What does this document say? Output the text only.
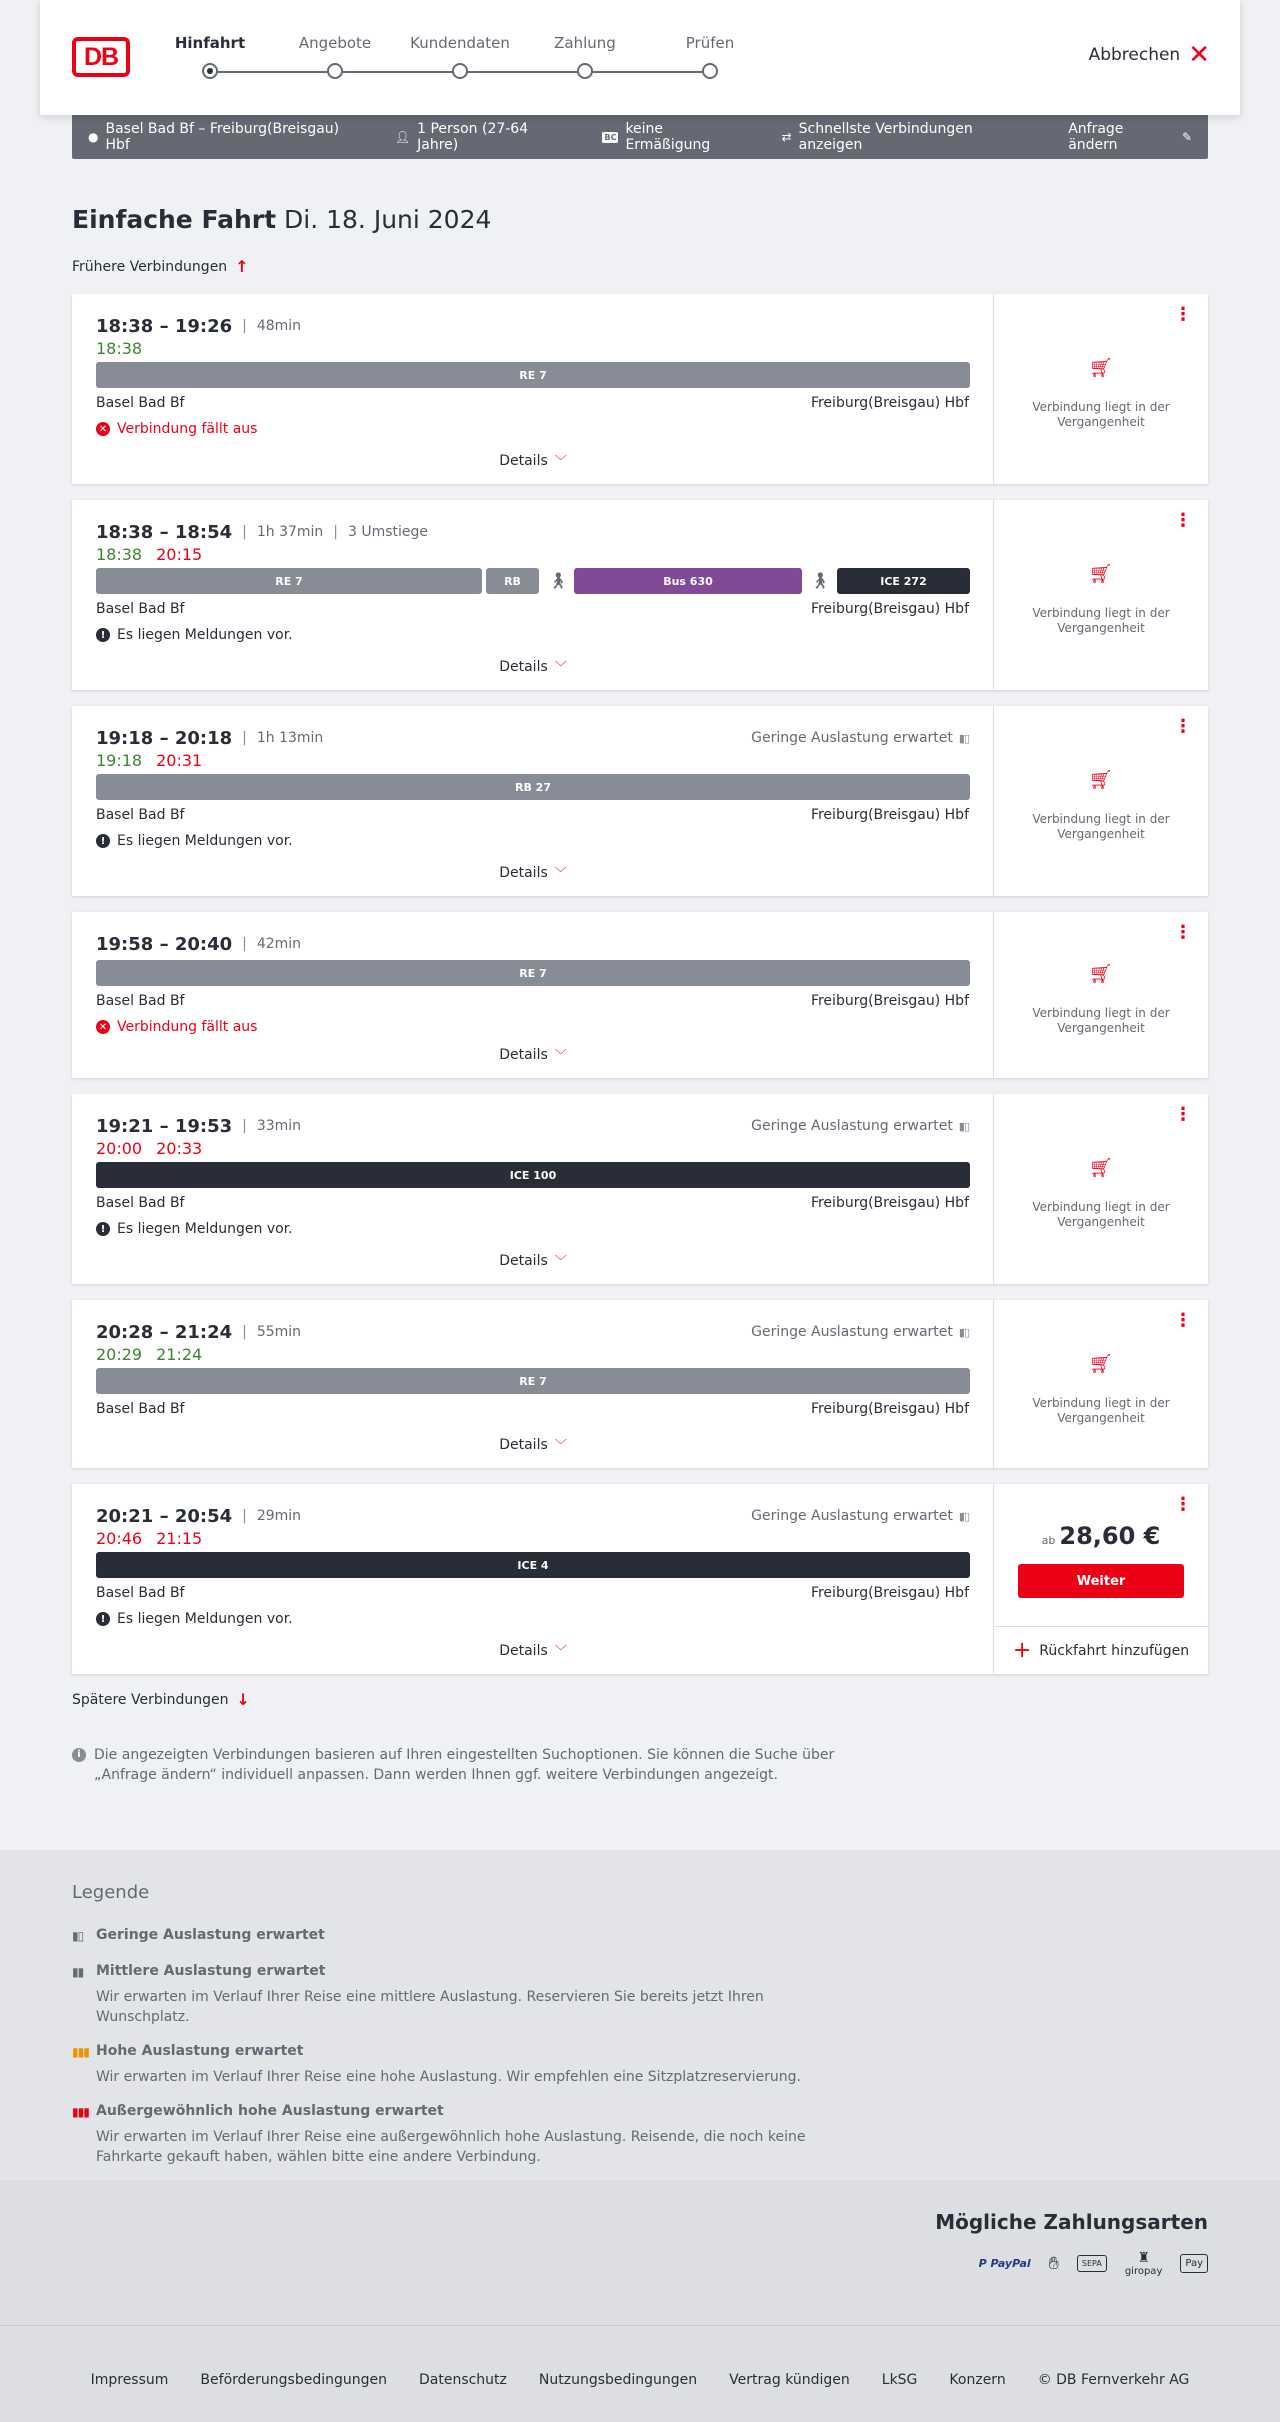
DB	Hinfahrt	Angebote	Kundendaten	Zahlung	Prüfen
Abbrechen ✕
● Basel Bad Bf – Freiburg(Breisgau) Hbf	👤︎ 1 Person (27-64 Jahre)	BC keine Ermäßigung	⇄ Schnellste Verbindungen anzeigen
Anfrage ändern	✎
Einfache Fahrt Di. 18. Juni 2024
Frühere Verbindungen ↑
18:38 – 19:26 | 48min
18:38
RE 7
Basel Bad Bf	Freiburg(Breisgau) Hbf
✕ Verbindung fällt aus
Details ﹀
⋮
🛒︎
Verbindung liegt in der Vergangenheit
18:38 – 18:54 | 1h 37min | 3 Umstiege
18:38 20:15
RE 7	RB	🚶︎	Bus 630	🚶︎	ICE 272
Basel Bad Bf	Freiburg(Breisgau) Hbf
! Es liegen Meldungen vor.
Details ﹀
⋮
🛒︎
Verbindung liegt in der Vergangenheit
19:18 – 20:18 | 1h 13min	Geringe Auslastung erwartet ▮▯
19:18 20:31
RB 27
Basel Bad Bf	Freiburg(Breisgau) Hbf
! Es liegen Meldungen vor.
Details ﹀
⋮
🛒︎
Verbindung liegt in der Vergangenheit
19:58 – 20:40 | 42min
RE 7
Basel Bad Bf	Freiburg(Breisgau) Hbf
✕ Verbindung fällt aus
Details ﹀
⋮
🛒︎
Verbindung liegt in der Vergangenheit
19:21 – 19:53 | 33min	Geringe Auslastung erwartet ▮▯
20:00 20:33
ICE 100
Basel Bad Bf	Freiburg(Breisgau) Hbf
! Es liegen Meldungen vor.
Details ﹀
⋮
🛒︎
Verbindung liegt in der Vergangenheit
20:28 – 21:24 | 55min	Geringe Auslastung erwartet ▮▯
20:29 21:24
RE 7
Basel Bad Bf	Freiburg(Breisgau) Hbf
Details ﹀
⋮
🛒︎
Verbindung liegt in der Vergangenheit
20:21 – 20:54 | 29min	Geringe Auslastung erwartet ▮▯
20:46 21:15
ICE 4
Basel Bad Bf	Freiburg(Breisgau) Hbf
! Es liegen Meldungen vor.
Details ﹀
⋮
ab 28,60 €
Weiter
+ Rückfahrt hinzufügen
Spätere Verbindungen ↓
i Die angezeigten Verbindungen basieren auf Ihren eingestellten Suchoptionen. Sie können die Suche über „Anfrage ändern“ individuell anpassen. Dann werden Ihnen ggf. weitere Verbindungen angezeigt.
Legende
▮▯ Geringe Auslastung erwartet
▮▮ Mittlere Auslastung erwartet
Wir erwarten im Verlauf Ihrer Reise eine mittlere Auslastung. Reservieren Sie bereits jetzt Ihren Wunschplatz.
▮▮▮ Hohe Auslastung erwartet
Wir erwarten im Verlauf Ihrer Reise eine hohe Auslastung. Wir empfehlen eine Sitzplatzreservierung.
▮▮▮ Außergewöhnlich hohe Auslastung erwartet
Wir erwarten im Verlauf Ihrer Reise eine außergewöhnlich hohe Auslastung. Reisende, die noch keine Fahrkarte gekauft haben, wählen bitte eine andere Verbindung.
Mögliche Zahlungsarten
P PayPal ✋︎	SEPA	♜
giropay
Pay
Impressum Beförderungsbedingungen Datenschutz Nutzungsbedingungen Vertrag kündigen LkSG Konzern © DB Fernverkehr AG
